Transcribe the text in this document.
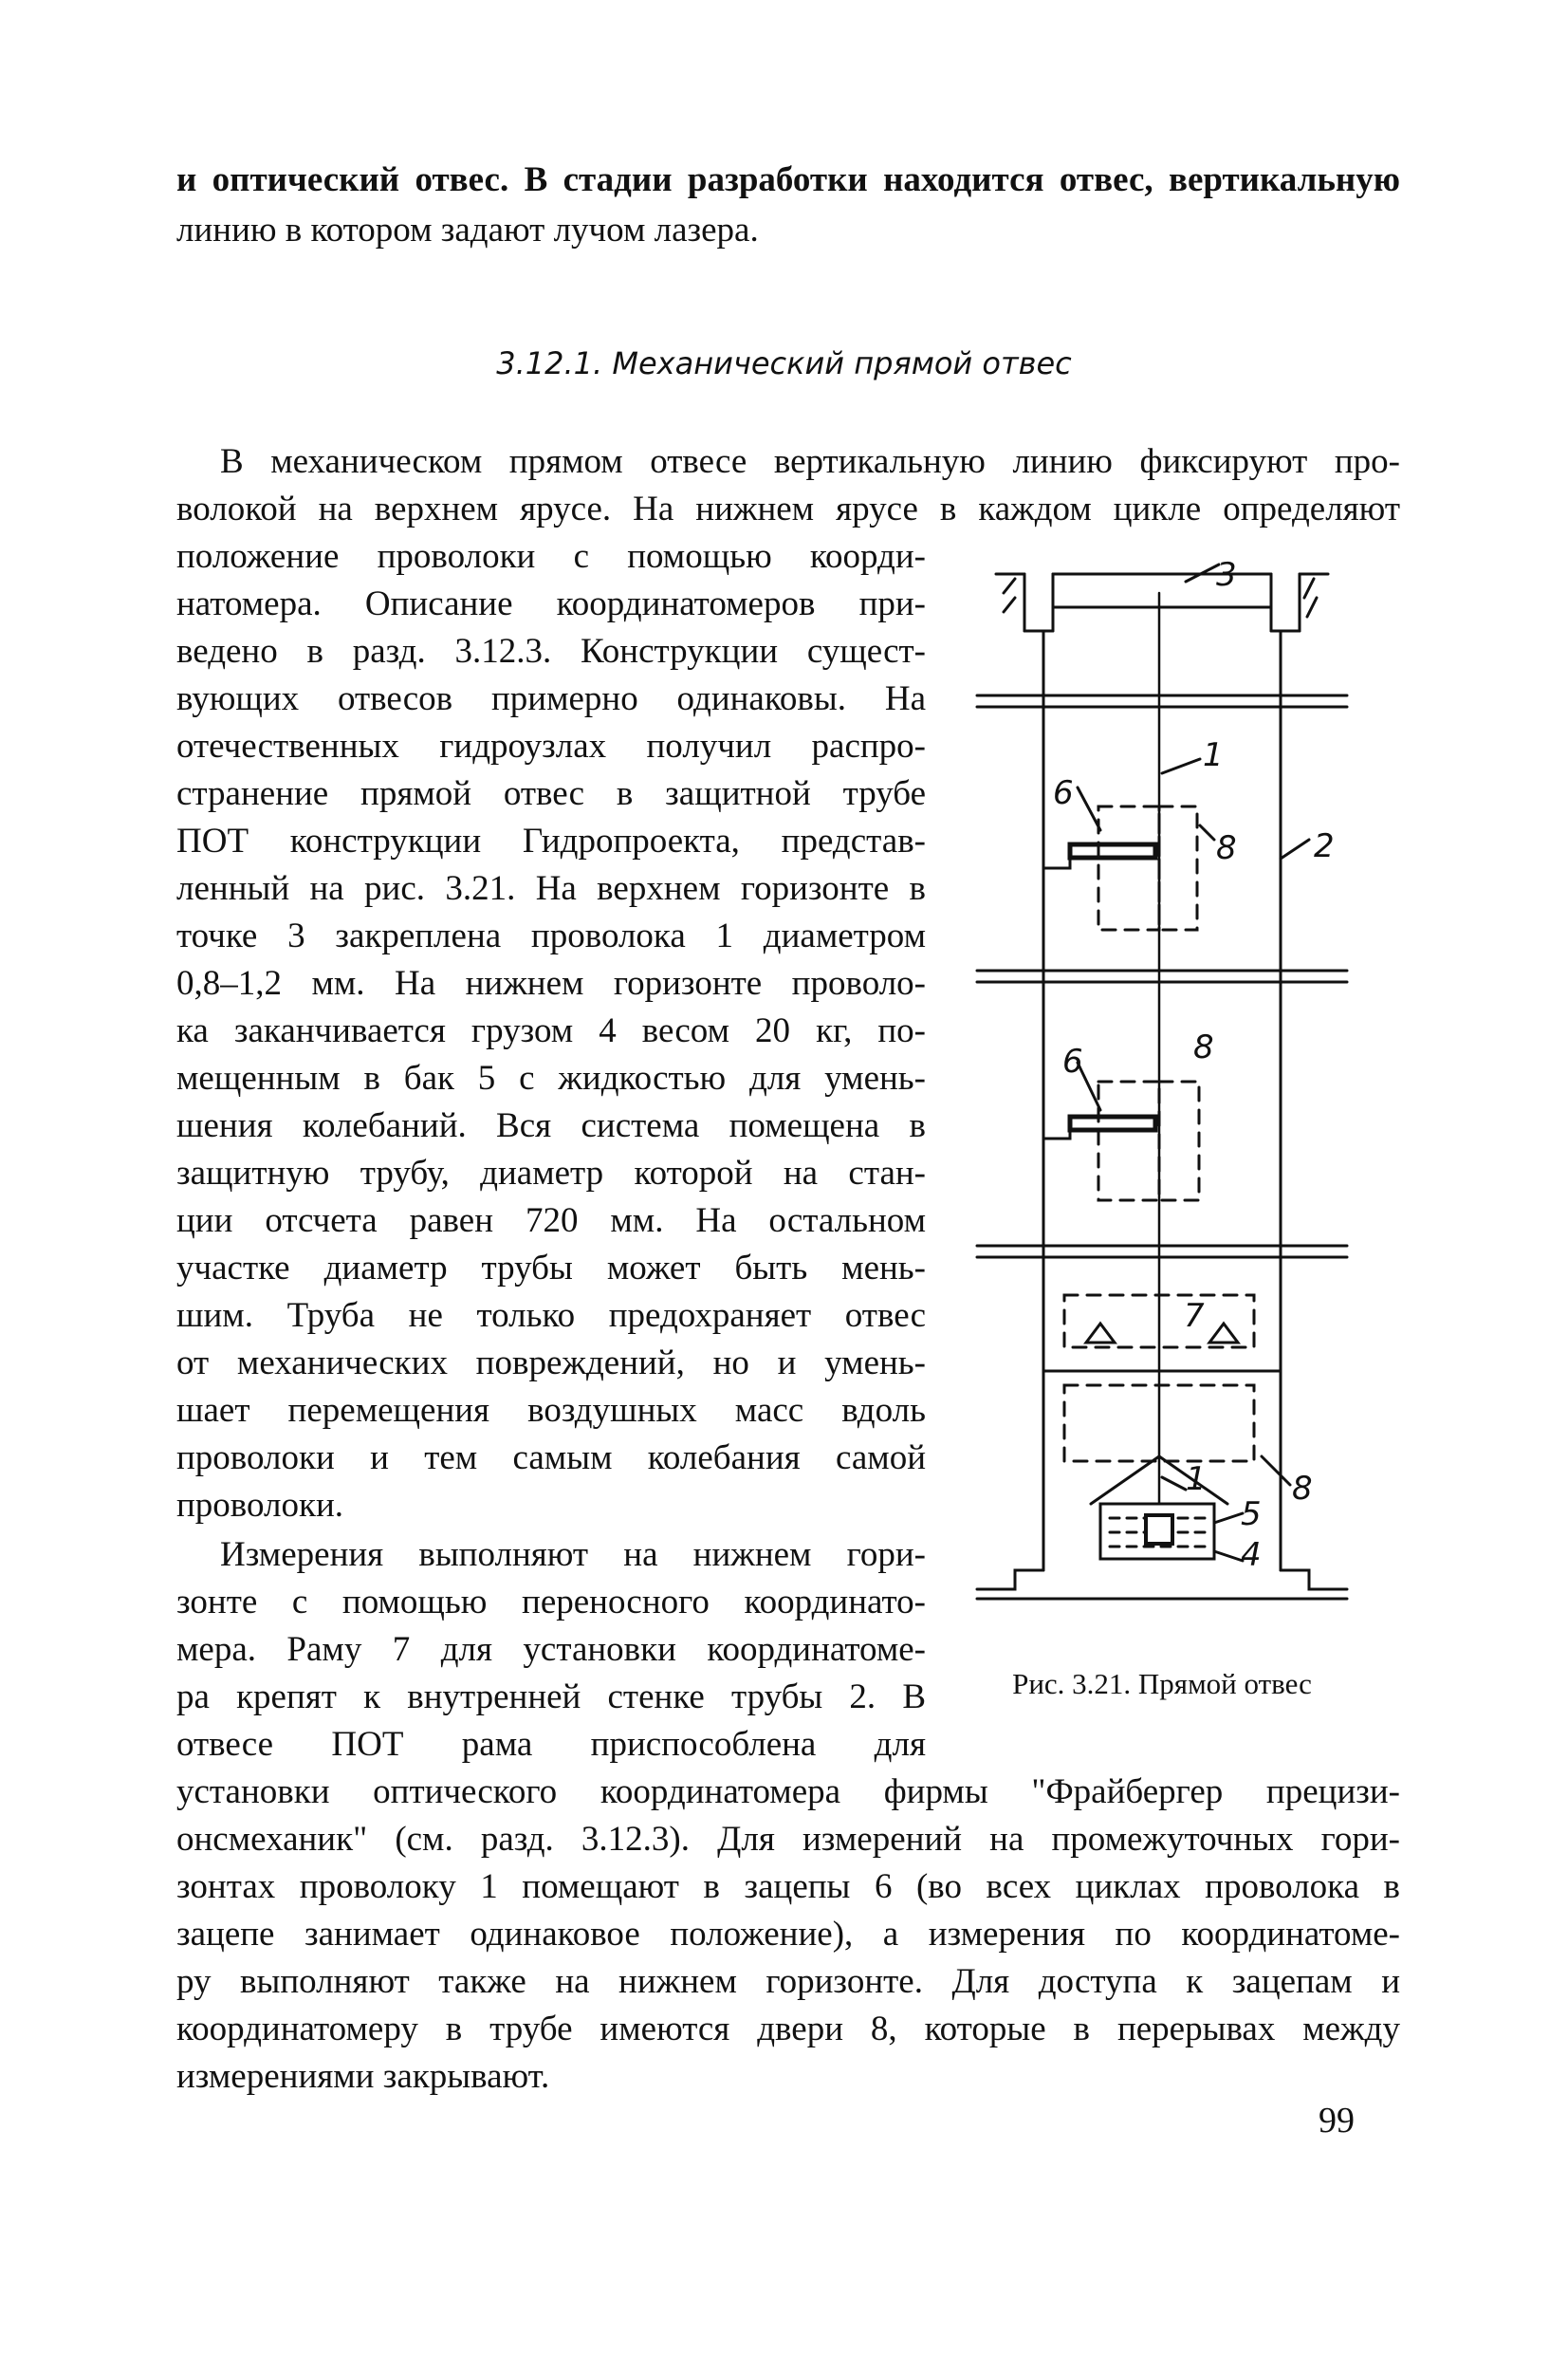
и оптический отвес. В стадии разработки находится отвес, вертикальную
линию в котором задают лучом лазера.
3.12.1. Механический прямой отвес
В механическом прямом отвесе вертикальную линию фиксируют про-
волокой на верхнем ярусе. На нижнем ярусе в каждом цикле определяют
положение проволоки с помощью коорди-
натомера. Описание координатомеров при-
ведено в разд. 3.12.3. Конструкции сущест-
вующих отвесов примерно одинаковы. На
отечественных гидроузлах получил распро-
странение прямой отвес в защитной трубе
ПОТ конструкции Гидропроекта, представ-
ленный на рис. 3.21. На верхнем горизонте в
точке 3 закреплена проволока 1 диаметром
0,8–1,2 мм. На нижнем горизонте проволо-
ка заканчивается грузом 4 весом 20 кг, по-
мещенным в бак 5 с жидкостью для умень-
шения колебаний. Вся система помещена в
защитную трубу, диаметр которой на стан-
ции отсчета равен 720 мм. На остальном
участке диаметр трубы может быть мень-
шим. Труба не только предохраняет отвес
от механических повреждений, но и умень-
шает перемещения воздушных масс вдоль
проволоки и тем самым колебания самой
проволоки.
Измерения выполняют на нижнем гори-
зонте с помощью переносного координато-
мера. Раму 7 для установки координатоме-
ра крепят к внутренней стенке трубы 2. В
отвесе ПОТ рама приспособлена для
установки оптического координатомера фирмы "Фрайбергер прецизи-
онсмеханик" (см. разд. 3.12.3). Для измерений на промежуточных гори-
зонтах проволоку 1 помещают в зацепы 6 (во всех циклах проволока в
зацепе занимает одинаковое положение), а измерения по координатоме-
ру выполняют также на нижнем горизонте. Для доступа к зацепам и
координатомеру в трубе имеются двери 8, которые в перерывах между
измерениями закрывают.
3
1
6
8 2
6	8
7
1	8
5
4
Рис. 3.21. Прямой отвес
99
